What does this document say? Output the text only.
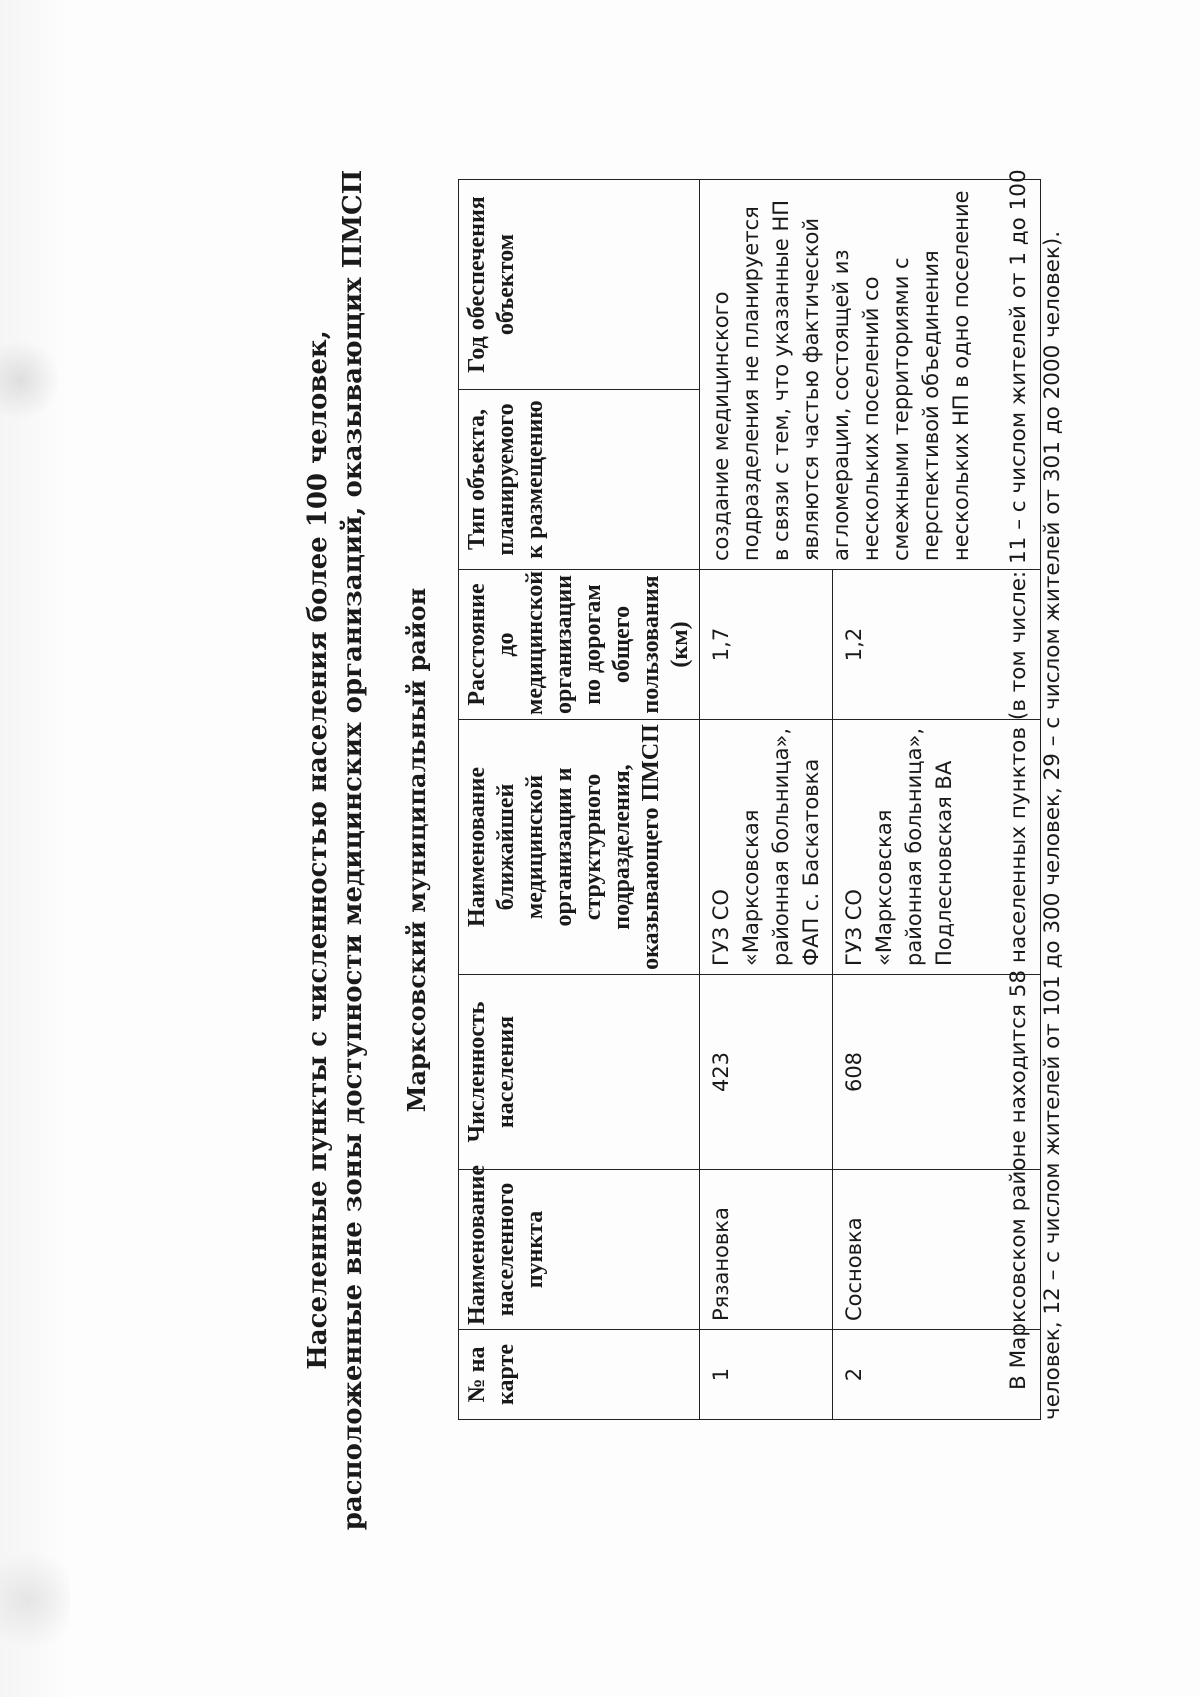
Населенные пункты с численностью населения более 100 человек, расположенные вне зоны доступности медицинских организаций, оказывающих ПМСП Марксовский муниципальный район
№ на карте	Наименование населенного пункта	Численность населения	Наименование ближайшей медицинской организации и структурного подразделения, оказывающего ПМСП	Расстояние до медицинской организации по дорогам общего пользования (км)	Тип объекта, планируемого к размещению	Год обеспечения объектом
1	Рязановка	423	ГУЗ СО «Марксовская районная больница», ФАП с. Баскатовка	1,7	создание медицинского подразделения не планируется в связи с тем, что указанные НП являются частью фактической агломерации, состоящей из нескольких поселений со смежными территориями с перспективой объединения нескольких НП в одно поселение	
2	Сосновка	608	ГУЗ СО «Марксовская районная больница», Подлесновская ВА	1,2			В Марксовском районе находится 58 населенных пунктов (в том числе: 11 – с числом жителей от 1 до 100 человек, 12 – с числом жителей от 101 до 300 человек, 29 – с числом жителей от 301 до 2000 человек).
